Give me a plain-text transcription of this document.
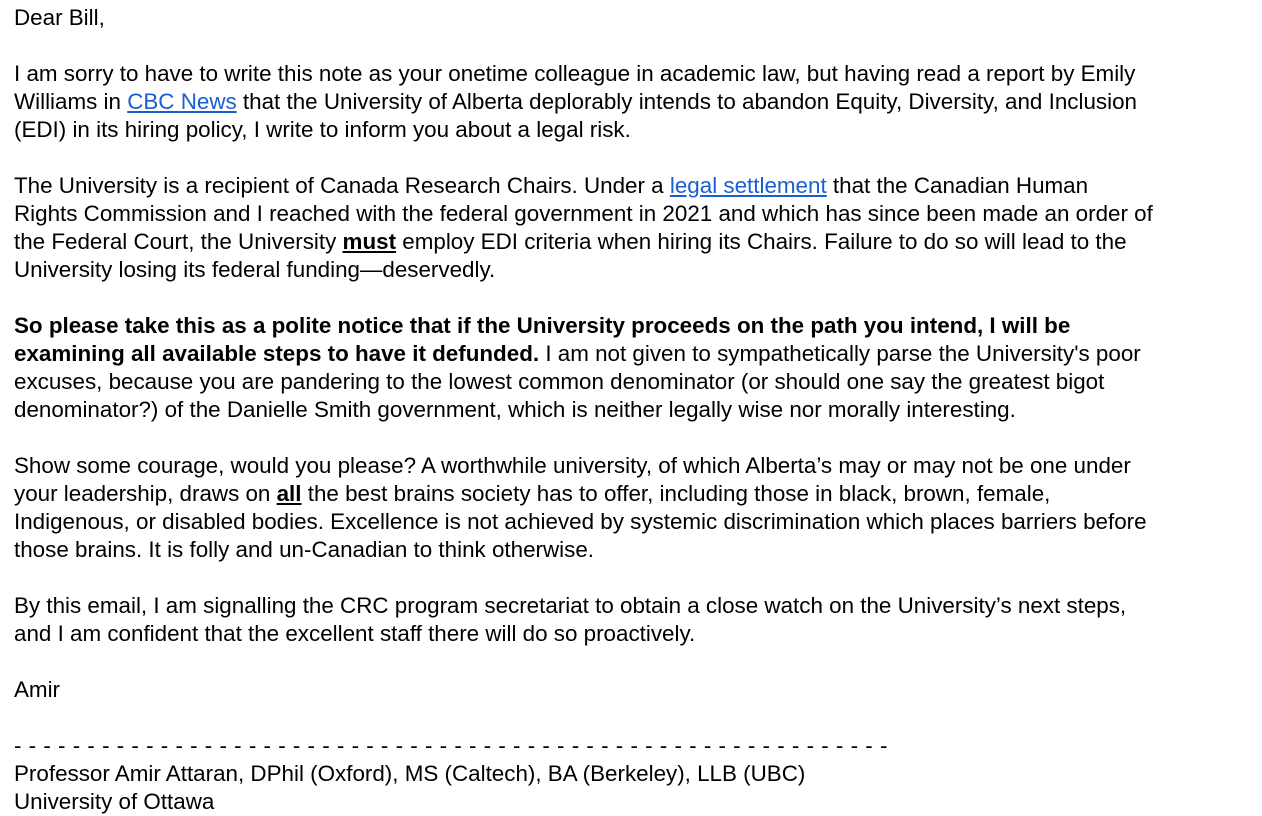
Dear Bill,

I am sorry to have to write this note as your onetime colleague in academic law, but having read a report by Emily
Williams in CBC News that the University of Alberta deplorably intends to abandon Equity, Diversity, and Inclusion
(EDI) in its hiring policy, I write to inform you about a legal risk.

The University is a recipient of Canada Research Chairs. Under a legal settlement that the Canadian Human
Rights Commission and I reached with the federal government in 2021 and which has since been made an order of
the Federal Court, the University must employ EDI criteria when hiring its Chairs. Failure to do so will lead to the
University losing its federal funding—deservedly.

So please take this as a polite notice that if the University proceeds on the path you intend, I will be
examining all available steps to have it defunded. I am not given to sympathetically parse the University's poor
excuses, because you are pandering to the lowest common denominator (or should one say the greatest bigot
denominator?) of the Danielle Smith government, which is neither legally wise nor morally interesting.

Show some courage, would you please? A worthwhile university, of which Alberta’s may or may not be one under
your leadership, draws on all the best brains society has to offer, including those in black, brown, female,
Indigenous, or disabled bodies. Excellence is not achieved by systemic discrimination which places barriers before
those brains. It is folly and un-Canadian to think otherwise.

By this email, I am signalling the CRC program secretariat to obtain a close watch on the University’s next steps,
and I am confident that the excellent staff there will do so proactively.

Amir

- - - - - - - - - - - - - - - - - - - - - - - - - - - - - - - - - - - - - - - - - - - - - - - - - - - - - - - - - - - -

Professor Amir Attaran, DPhil (Oxford), MS (Caltech), BA (Berkeley), LLB (UBC)

University of Ottawa
